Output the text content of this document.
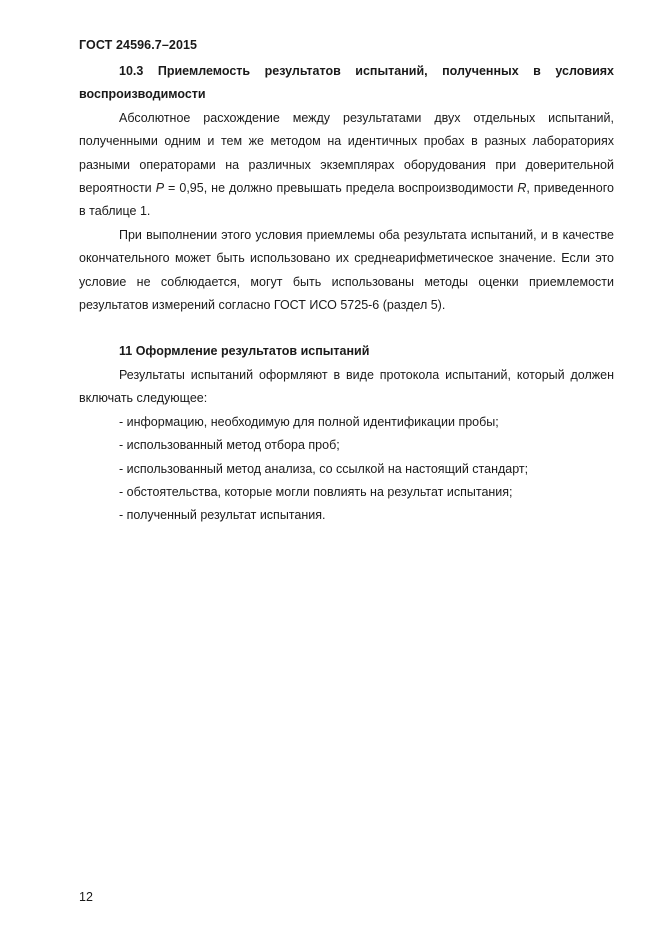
ГОСТ 24596.7–2015

10.3 Приемлемость результатов испытаний, полученных в условиях воспроизводимости

Абсолютное расхождение между результатами двух отдельных испытаний, полученными одним и тем же методом на идентичных пробах в разных лабораториях разными операторами на различных экземплярах оборудования при доверительной вероятности P = 0,95, не должно превышать предела воспроизводимости R, приведенного в таблице 1.

При выполнении этого условия приемлемы оба результата испытаний, и в качестве окончательного может быть использовано их среднеарифметическое значение. Если это условие не соблюдается, могут быть использованы методы оценки приемлемости результатов измерений согласно ГОСТ ИСО 5725-6 (раздел 5).

11 Оформление результатов испытаний

Результаты испытаний оформляют в виде протокола испытаний, который должен включать следующее:

- информацию, необходимую для полной идентификации пробы;
- использованный метод отбора проб;
- использованный метод анализа, со ссылкой на настоящий стандарт;
- обстоятельства, которые могли повлиять на результат испытания;
- полученный результат испытания.
12
